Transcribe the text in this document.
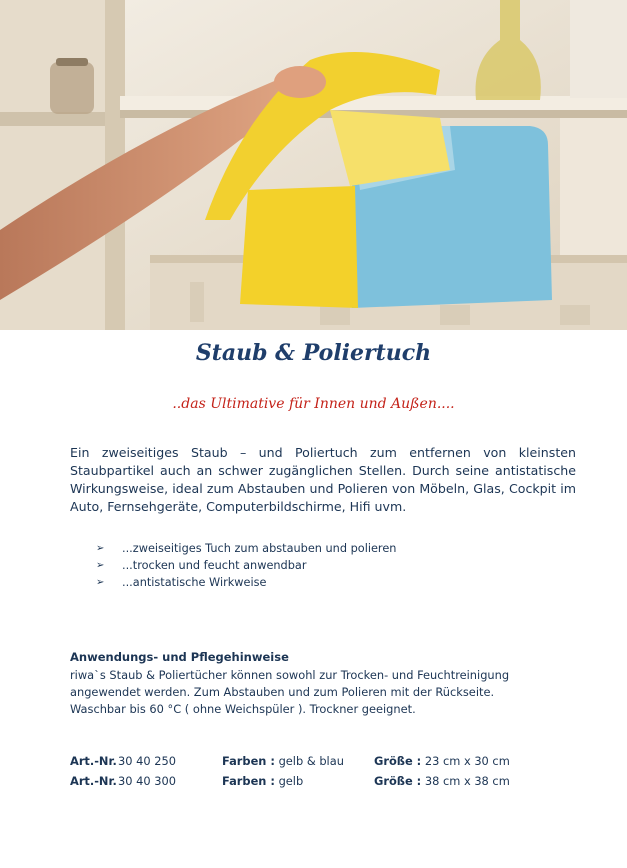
Staub & Poliertuch
..das Ultimative für Innen und Außen....
Ein zweiseitiges Staub – und Poliertuch zum entfernen von kleinsten Staubpartikel auch an schwer zugänglichen Stellen. Durch seine antistatische Wirkungsweise, ideal zum Abstauben und Polieren von Möbeln, Glas, Cockpit im Auto, Fernsehgeräte, Computerbildschirme, Hifi uvm.
➢ ...zweiseitiges Tuch zum abstauben und polieren
➢ ...trocken und feucht anwendbar
➢ ...antistatische Wirkweise
Anwendungs- und Pflegehinweise
riwa`s Staub & Poliertücher können sowohl zur Trocken- und Feuchtreinigung
angewendet werden. Zum Abstauben und zum Polieren mit der Rückseite.
Waschbar bis 60 °C ( ohne Weichspüler ). Trockner geeignet.
Art.-Nr. 30 40 250	Farben : gelb & blau	Größe : 23 cm x 30 cm
Art.-Nr. 30 40 300	Farben : gelb	Größe : 38 cm x 38 cm
